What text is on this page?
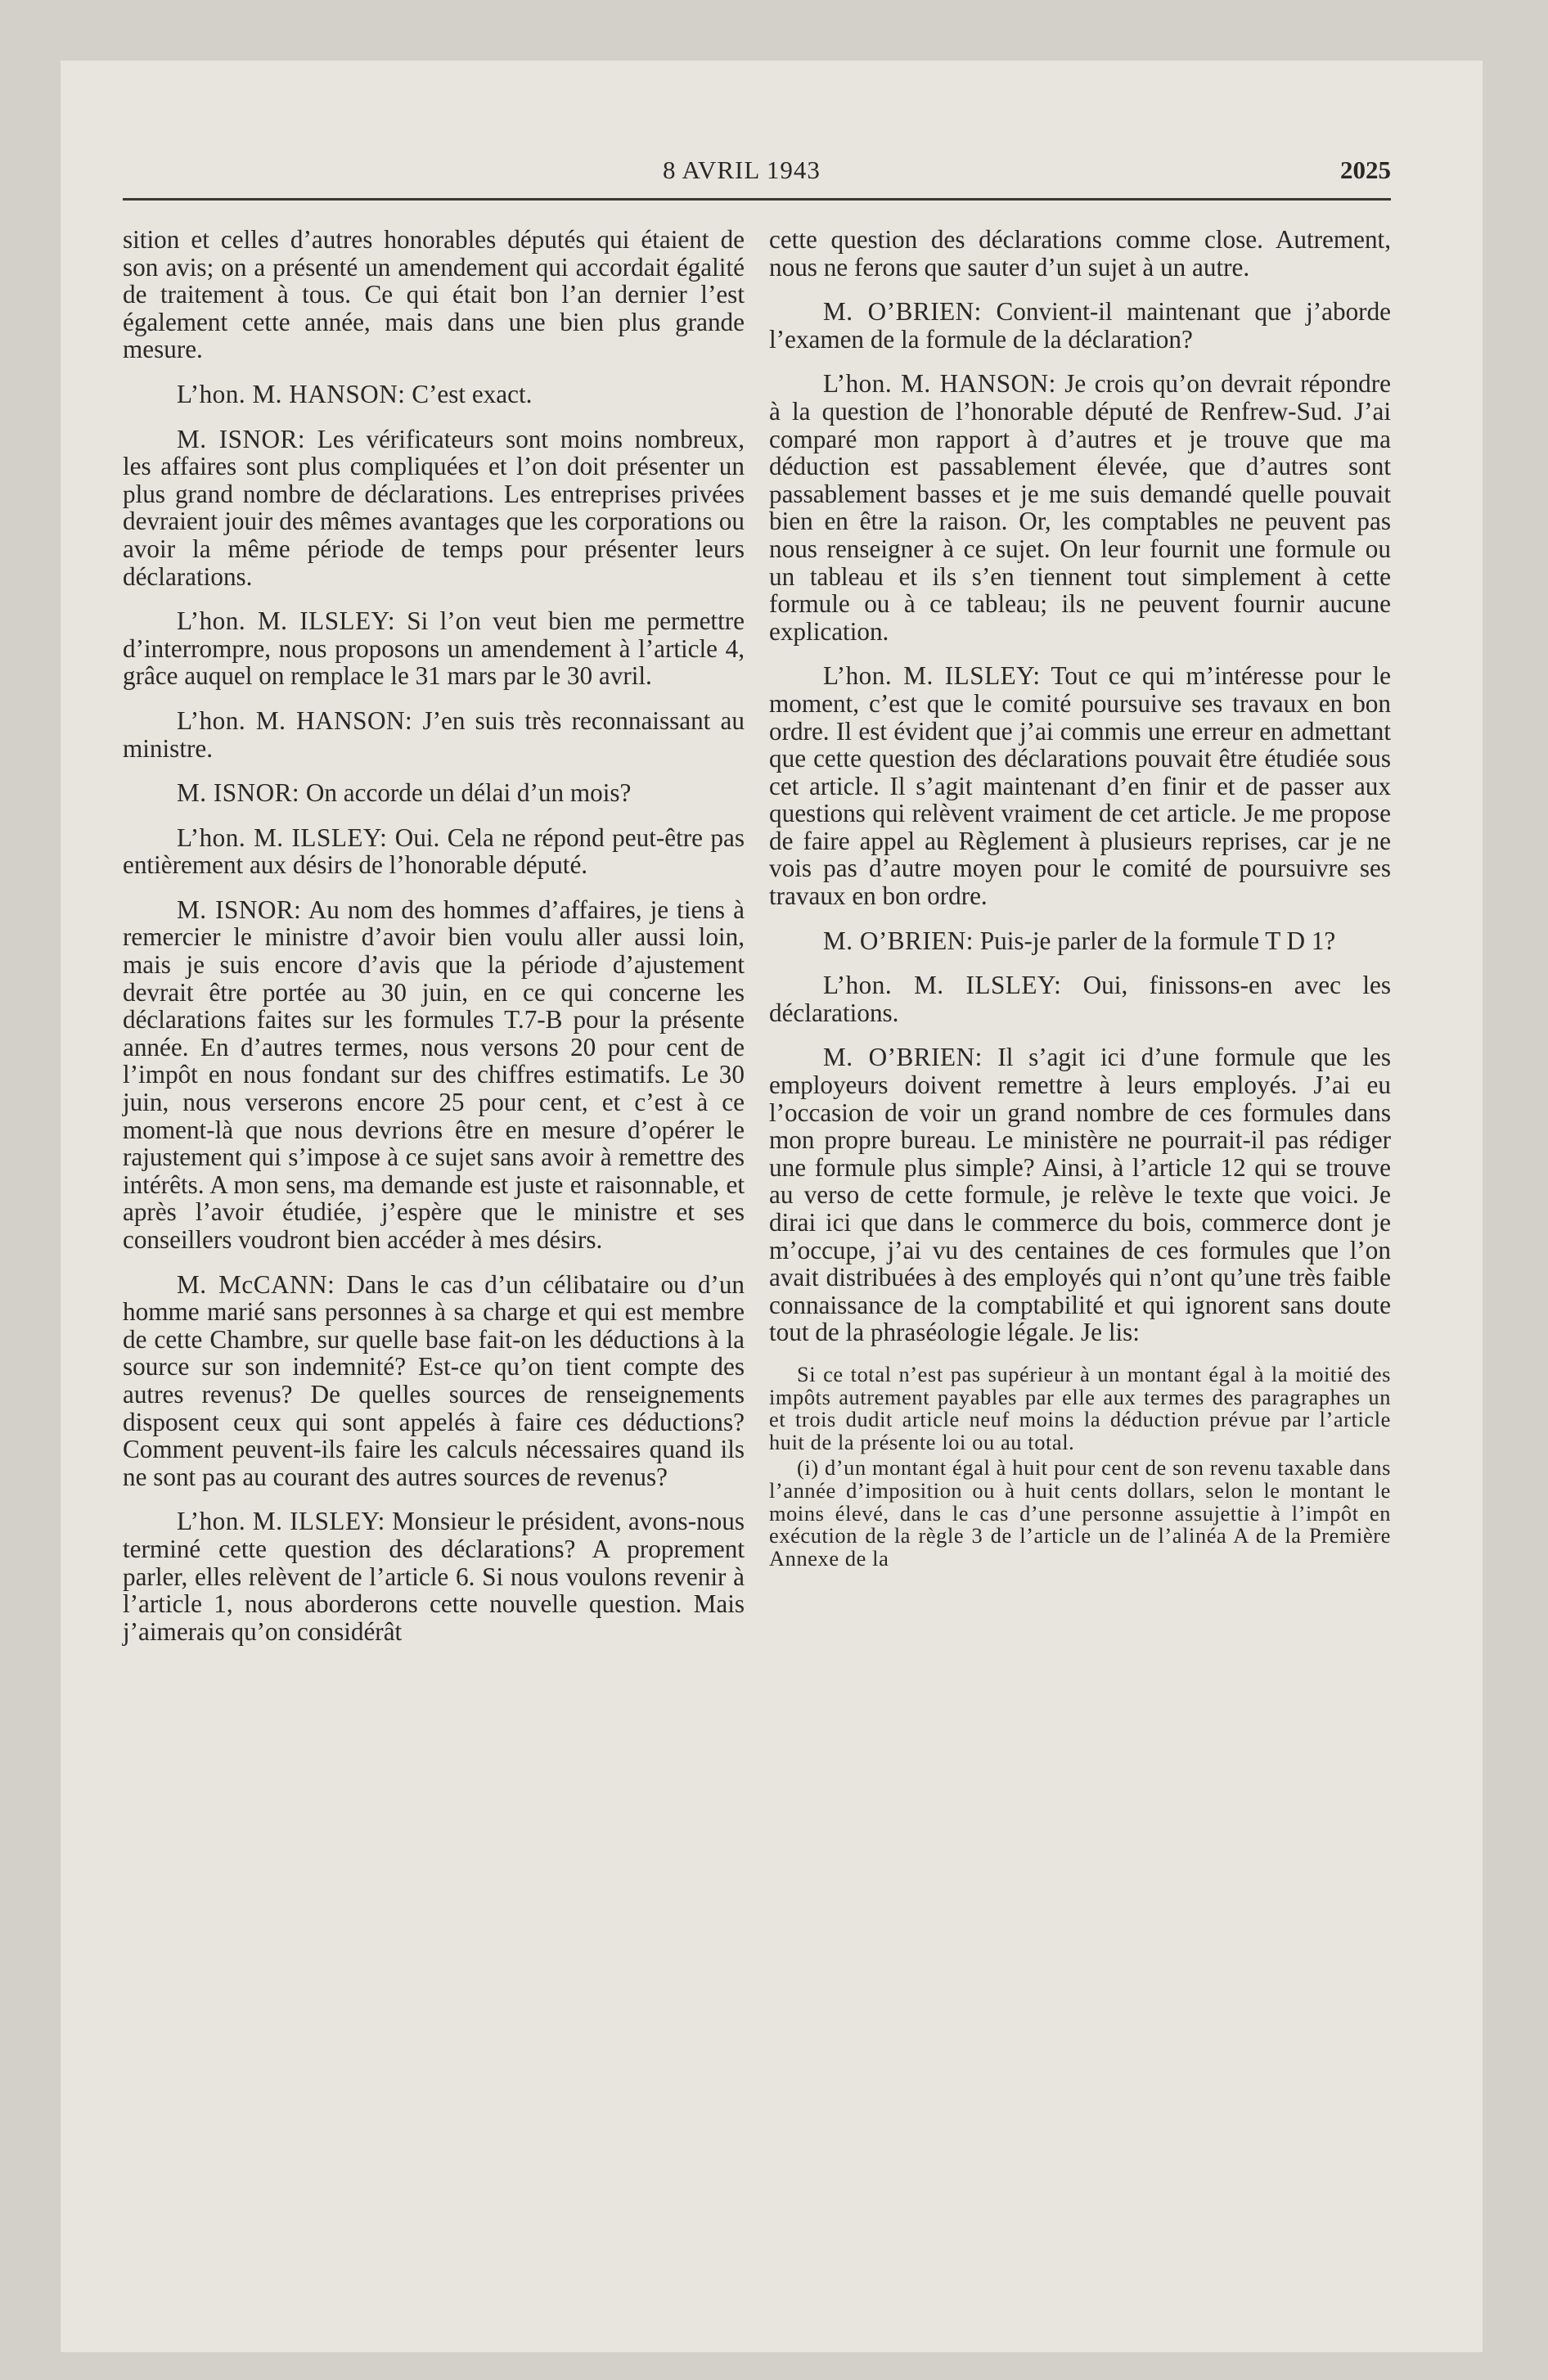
8 AVRIL 1943	2025

sition et celles d’autres honorables députés qui étaient de son avis; on a présenté un amendement qui accordait égalité de traitement à tous. Ce qui était bon l’an dernier l’est également cette année, mais dans une bien plus grande mesure.

L’hon. M. HANSON: C’est exact.

M. ISNOR: Les vérificateurs sont moins nombreux, les affaires sont plus compliquées et l’on doit présenter un plus grand nombre de déclarations. Les entreprises privées devraient jouir des mêmes avantages que les corporations ou avoir la même période de temps pour présenter leurs déclarations.

L’hon. M. ILSLEY: Si l’on veut bien me permettre d’interrompre, nous proposons un amendement à l’article 4, grâce auquel on remplace le 31 mars par le 30 avril.

L’hon. M. HANSON: J’en suis très reconnaissant au ministre.

M. ISNOR: On accorde un délai d’un mois?

L’hon. M. ILSLEY: Oui. Cela ne répond peut-être pas entièrement aux désirs de l’honorable député.

M. ISNOR: Au nom des hommes d’affaires, je tiens à remercier le ministre d’avoir bien voulu aller aussi loin, mais je suis encore d’avis que la période d’ajustement devrait être portée au 30 juin, en ce qui concerne les déclarations faites sur les formules T.7-B pour la présente année. En d’autres termes, nous versons 20 pour cent de l’impôt en nous fondant sur des chiffres estimatifs. Le 30 juin, nous verserons encore 25 pour cent, et c’est à ce moment-là que nous devrions être en mesure d’opérer le rajustement qui s’impose à ce sujet sans avoir à remettre des intérêts. A mon sens, ma demande est juste et raisonnable, et après l’avoir étudiée, j’espère que le ministre et ses conseillers voudront bien accéder à mes désirs.

M. McCANN: Dans le cas d’un célibataire ou d’un homme marié sans personnes à sa charge et qui est membre de cette Chambre, sur quelle base fait-on les déductions à la source sur son indemnité? Est-ce qu’on tient compte des autres revenus? De quelles sources de renseignements disposent ceux qui sont appelés à faire ces déductions? Comment peuvent-ils faire les calculs nécessaires quand ils ne sont pas au courant des autres sources de revenus?

L’hon. M. ILSLEY: Monsieur le président, avons-nous terminé cette question des déclarations? A proprement parler, elles relèvent de l’article 6. Si nous voulons revenir à l’article 1, nous aborderons cette nouvelle question. Mais j’aimerais qu’on considérât

cette question des déclarations comme close. Autrement, nous ne ferons que sauter d’un sujet à un autre.

M. O’BRIEN: Convient-il maintenant que j’aborde l’examen de la formule de la déclaration?

L’hon. M. HANSON: Je crois qu’on devrait répondre à la question de l’honorable député de Renfrew-Sud. J’ai comparé mon rapport à d’autres et je trouve que ma déduction est passablement élevée, que d’autres sont passablement basses et je me suis demandé quelle pouvait bien en être la raison. Or, les comptables ne peuvent pas nous renseigner à ce sujet. On leur fournit une formule ou un tableau et ils s’en tiennent tout simplement à cette formule ou à ce tableau; ils ne peuvent fournir aucune explication.

L’hon. M. ILSLEY: Tout ce qui m’intéresse pour le moment, c’est que le comité poursuive ses travaux en bon ordre. Il est évident que j’ai commis une erreur en admettant que cette question des déclarations pouvait être étudiée sous cet article. Il s’agit maintenant d’en finir et de passer aux questions qui relèvent vraiment de cet article. Je me propose de faire appel au Règlement à plusieurs reprises, car je ne vois pas d’autre moyen pour le comité de poursuivre ses travaux en bon ordre.

M. O’BRIEN: Puis-je parler de la formule T D 1?

L’hon. M. ILSLEY: Oui, finissons-en avec les déclarations.

M. O’BRIEN: Il s’agit ici d’une formule que les employeurs doivent remettre à leurs employés. J’ai eu l’occasion de voir un grand nombre de ces formules dans mon propre bureau. Le ministère ne pourrait-il pas rédiger une formule plus simple? Ainsi, à l’article 12 qui se trouve au verso de cette formule, je relève le texte que voici. Je dirai ici que dans le commerce du bois, commerce dont je m’occupe, j’ai vu des centaines de ces formules que l’on avait distribuées à des employés qui n’ont qu’une très faible connaissance de la comptabilité et qui ignorent sans doute tout de la phraséologie légale. Je lis:

Si ce total n’est pas supérieur à un montant égal à la moitié des impôts autrement payables par elle aux termes des paragraphes un et trois dudit article neuf moins la déduction prévue par l’article huit de la présente loi ou au total.

(i) d’un montant égal à huit pour cent de son revenu taxable dans l’année d’imposition ou à huit cents dollars, selon le montant le moins élevé, dans le cas d’une personne assujettie à l’impôt en exécution de la règle 3 de l’article un de l’alinéa A de la Première Annexe de la
